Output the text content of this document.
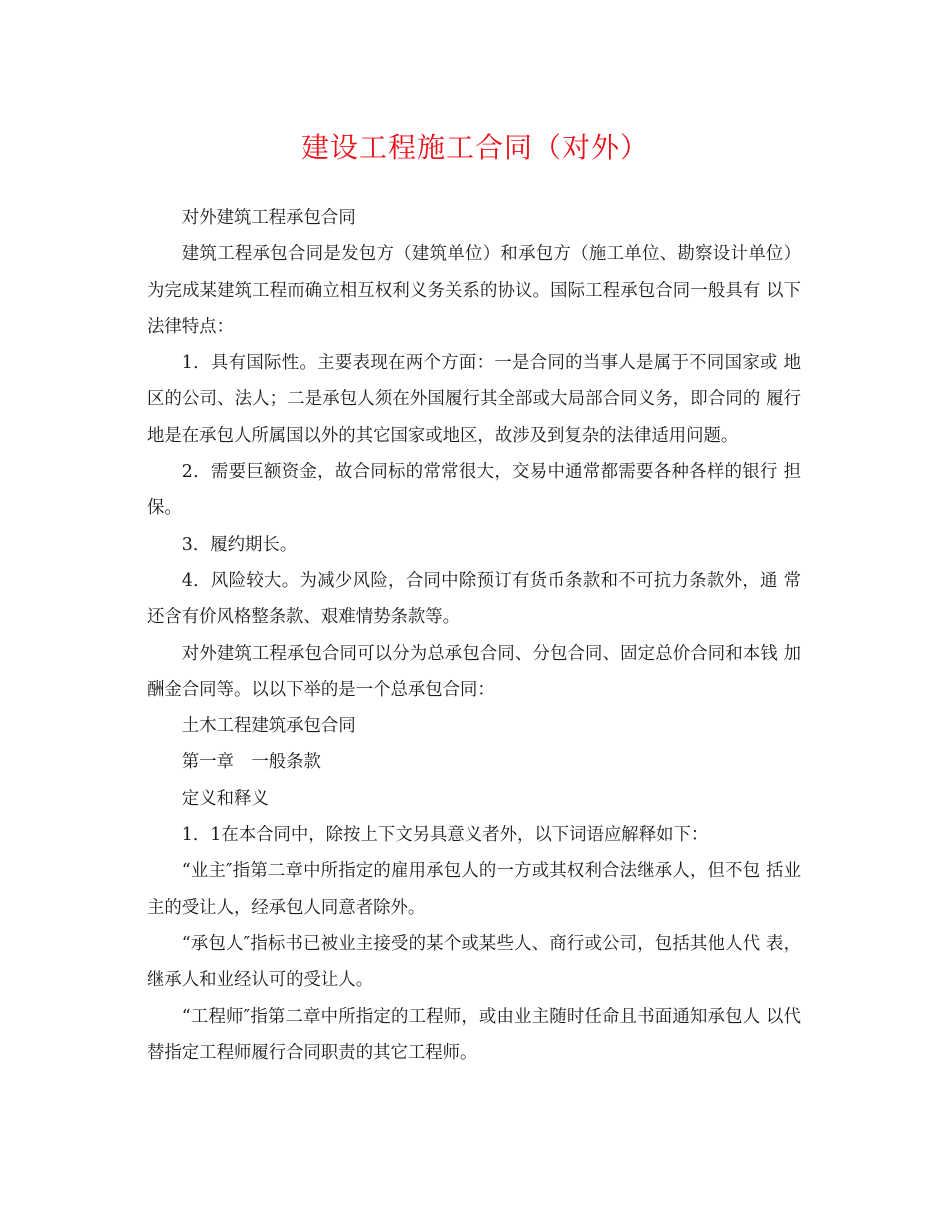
建设工程施工合同（对外）

对外建筑工程承包合同

建筑工程承包合同是发包方（建筑单位）和承包方（施工单位、勘察设计单位） 为完成某建筑工程而确立相互权利义务关系的协议。国际工程承包合同一般具有 以下法律特点：

1．具有国际性。主要表现在两个方面：一是合同的当事人是属于不同国家或 地区的公司、法人；二是承包人须在外国履行其全部或大局部合同义务，即合同的 履行地是在承包人所属国以外的其它国家或地区，故涉及到复杂的法律适用问题。

2．需要巨额资金，故合同标的常常很大，交易中通常都需要各种各样的银行 担保。

3．履约期长。

4．风险较大。为减少风险，合同中除预订有货币条款和不可抗力条款外，通 常还含有价风格整条款、艰难情势条款等。

对外建筑工程承包合同可以分为总承包合同、分包合同、固定总价合同和本钱 加酬金合同等。以以下举的是一个总承包合同：

土木工程建筑承包合同

第一章　一般条款

定义和释义

1．1在本合同中，除按上下文另具意义者外，以下词语应解释如下：

“业主″指第二章中所指定的雇用承包人的一方或其权利合法继承人，但不包 括业主的受让人，经承包人同意者除外。

“承包人″指标书已被业主接受的某个或某些人、商行或公司，包括其他人代 表，继承人和业经认可的受让人。

“工程师″指第二章中所指定的工程师，或由业主随时任命且书面通知承包人 以代替指定工程师履行合同职责的其它工程师。
